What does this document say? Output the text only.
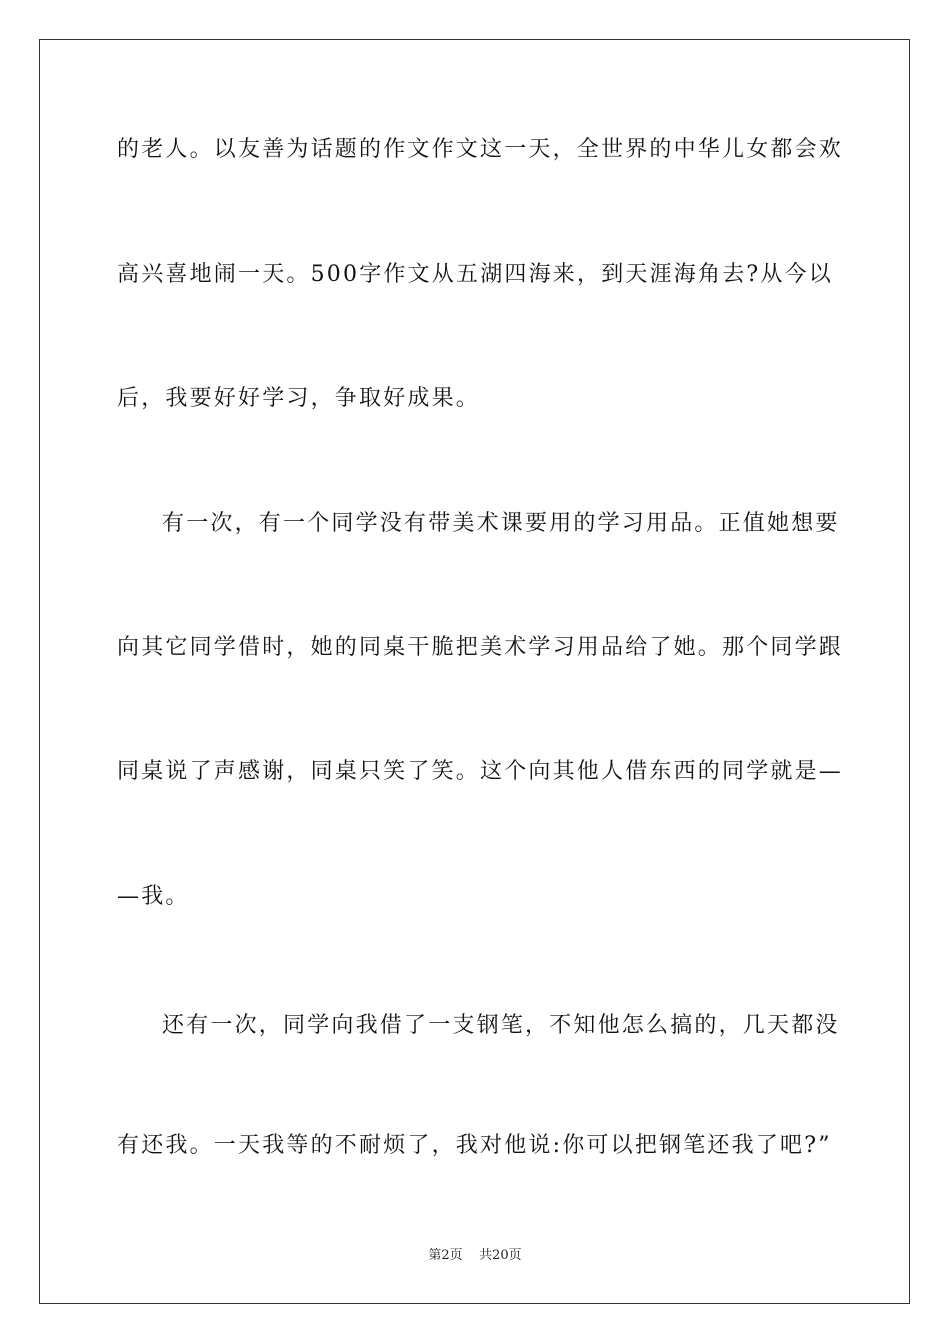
的老人。以友善为话题的作文作文这一天，全世界的中华儿女都会欢
高兴喜地闹一天。500字作文从五湖四海来，到天涯海角去?从今以
后，我要好好学习，争取好成果。
有一次，有一个同学没有带美术课要用的学习用品。正值她想要
向其它同学借时，她的同桌干脆把美术学习用品给了她。那个同学跟
同桌说了声感谢，同桌只笑了笑。这个向其他人借东西的同学就是—
—我。
还有一次，同学向我借了一支钢笔，不知他怎么搞的，几天都没
有还我。一天我等的不耐烦了，我对他说:你可以把钢笔还我了吧?”
第2页 共20页
